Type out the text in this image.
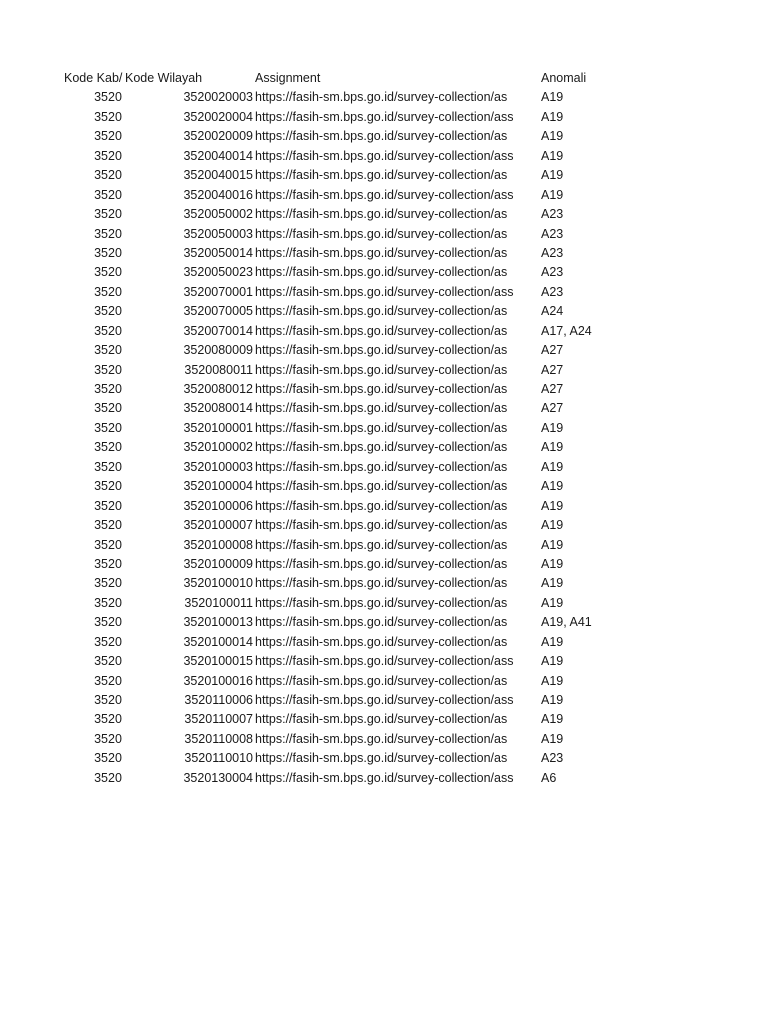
Kode Kab/ Kode Wilayah	Assignment	Anomali
3520	3520020003 https://fasih-sm.bps.go.id/survey-collection/as	A19
3520	3520020004 https://fasih-sm.bps.go.id/survey-collection/ass	A19
3520	3520020009 https://fasih-sm.bps.go.id/survey-collection/as	A19
3520	3520040014 https://fasih-sm.bps.go.id/survey-collection/ass	A19
3520	3520040015 https://fasih-sm.bps.go.id/survey-collection/as	A19
3520	3520040016 https://fasih-sm.bps.go.id/survey-collection/ass	A19
3520	3520050002 https://fasih-sm.bps.go.id/survey-collection/as	A23
3520	3520050003 https://fasih-sm.bps.go.id/survey-collection/as	A23
3520	3520050014 https://fasih-sm.bps.go.id/survey-collection/as	A23
3520	3520050023 https://fasih-sm.bps.go.id/survey-collection/as	A23
3520	3520070001 https://fasih-sm.bps.go.id/survey-collection/ass	A23
3520	3520070005 https://fasih-sm.bps.go.id/survey-collection/as	A24
3520	3520070014 https://fasih-sm.bps.go.id/survey-collection/as	A17, A24
3520	3520080009 https://fasih-sm.bps.go.id/survey-collection/as	A27
3520	3520080011 https://fasih-sm.bps.go.id/survey-collection/as	A27
3520	3520080012 https://fasih-sm.bps.go.id/survey-collection/as	A27
3520	3520080014 https://fasih-sm.bps.go.id/survey-collection/as	A27
3520	3520100001 https://fasih-sm.bps.go.id/survey-collection/as	A19
3520	3520100002 https://fasih-sm.bps.go.id/survey-collection/as	A19
3520	3520100003 https://fasih-sm.bps.go.id/survey-collection/as	A19
3520	3520100004 https://fasih-sm.bps.go.id/survey-collection/as	A19
3520	3520100006 https://fasih-sm.bps.go.id/survey-collection/as	A19
3520	3520100007 https://fasih-sm.bps.go.id/survey-collection/as	A19
3520	3520100008 https://fasih-sm.bps.go.id/survey-collection/as	A19
3520	3520100009 https://fasih-sm.bps.go.id/survey-collection/as	A19
3520	3520100010 https://fasih-sm.bps.go.id/survey-collection/as	A19
3520	3520100011 https://fasih-sm.bps.go.id/survey-collection/as	A19
3520	3520100013 https://fasih-sm.bps.go.id/survey-collection/as	A19, A41
3520	3520100014 https://fasih-sm.bps.go.id/survey-collection/as	A19
3520	3520100015 https://fasih-sm.bps.go.id/survey-collection/ass	A19
3520	3520100016 https://fasih-sm.bps.go.id/survey-collection/as	A19
3520	3520110006 https://fasih-sm.bps.go.id/survey-collection/ass	A19
3520	3520110007 https://fasih-sm.bps.go.id/survey-collection/as	A19
3520	3520110008 https://fasih-sm.bps.go.id/survey-collection/as	A19
3520	3520110010 https://fasih-sm.bps.go.id/survey-collection/as	A23
3520	3520130004 https://fasih-sm.bps.go.id/survey-collection/ass	A6
